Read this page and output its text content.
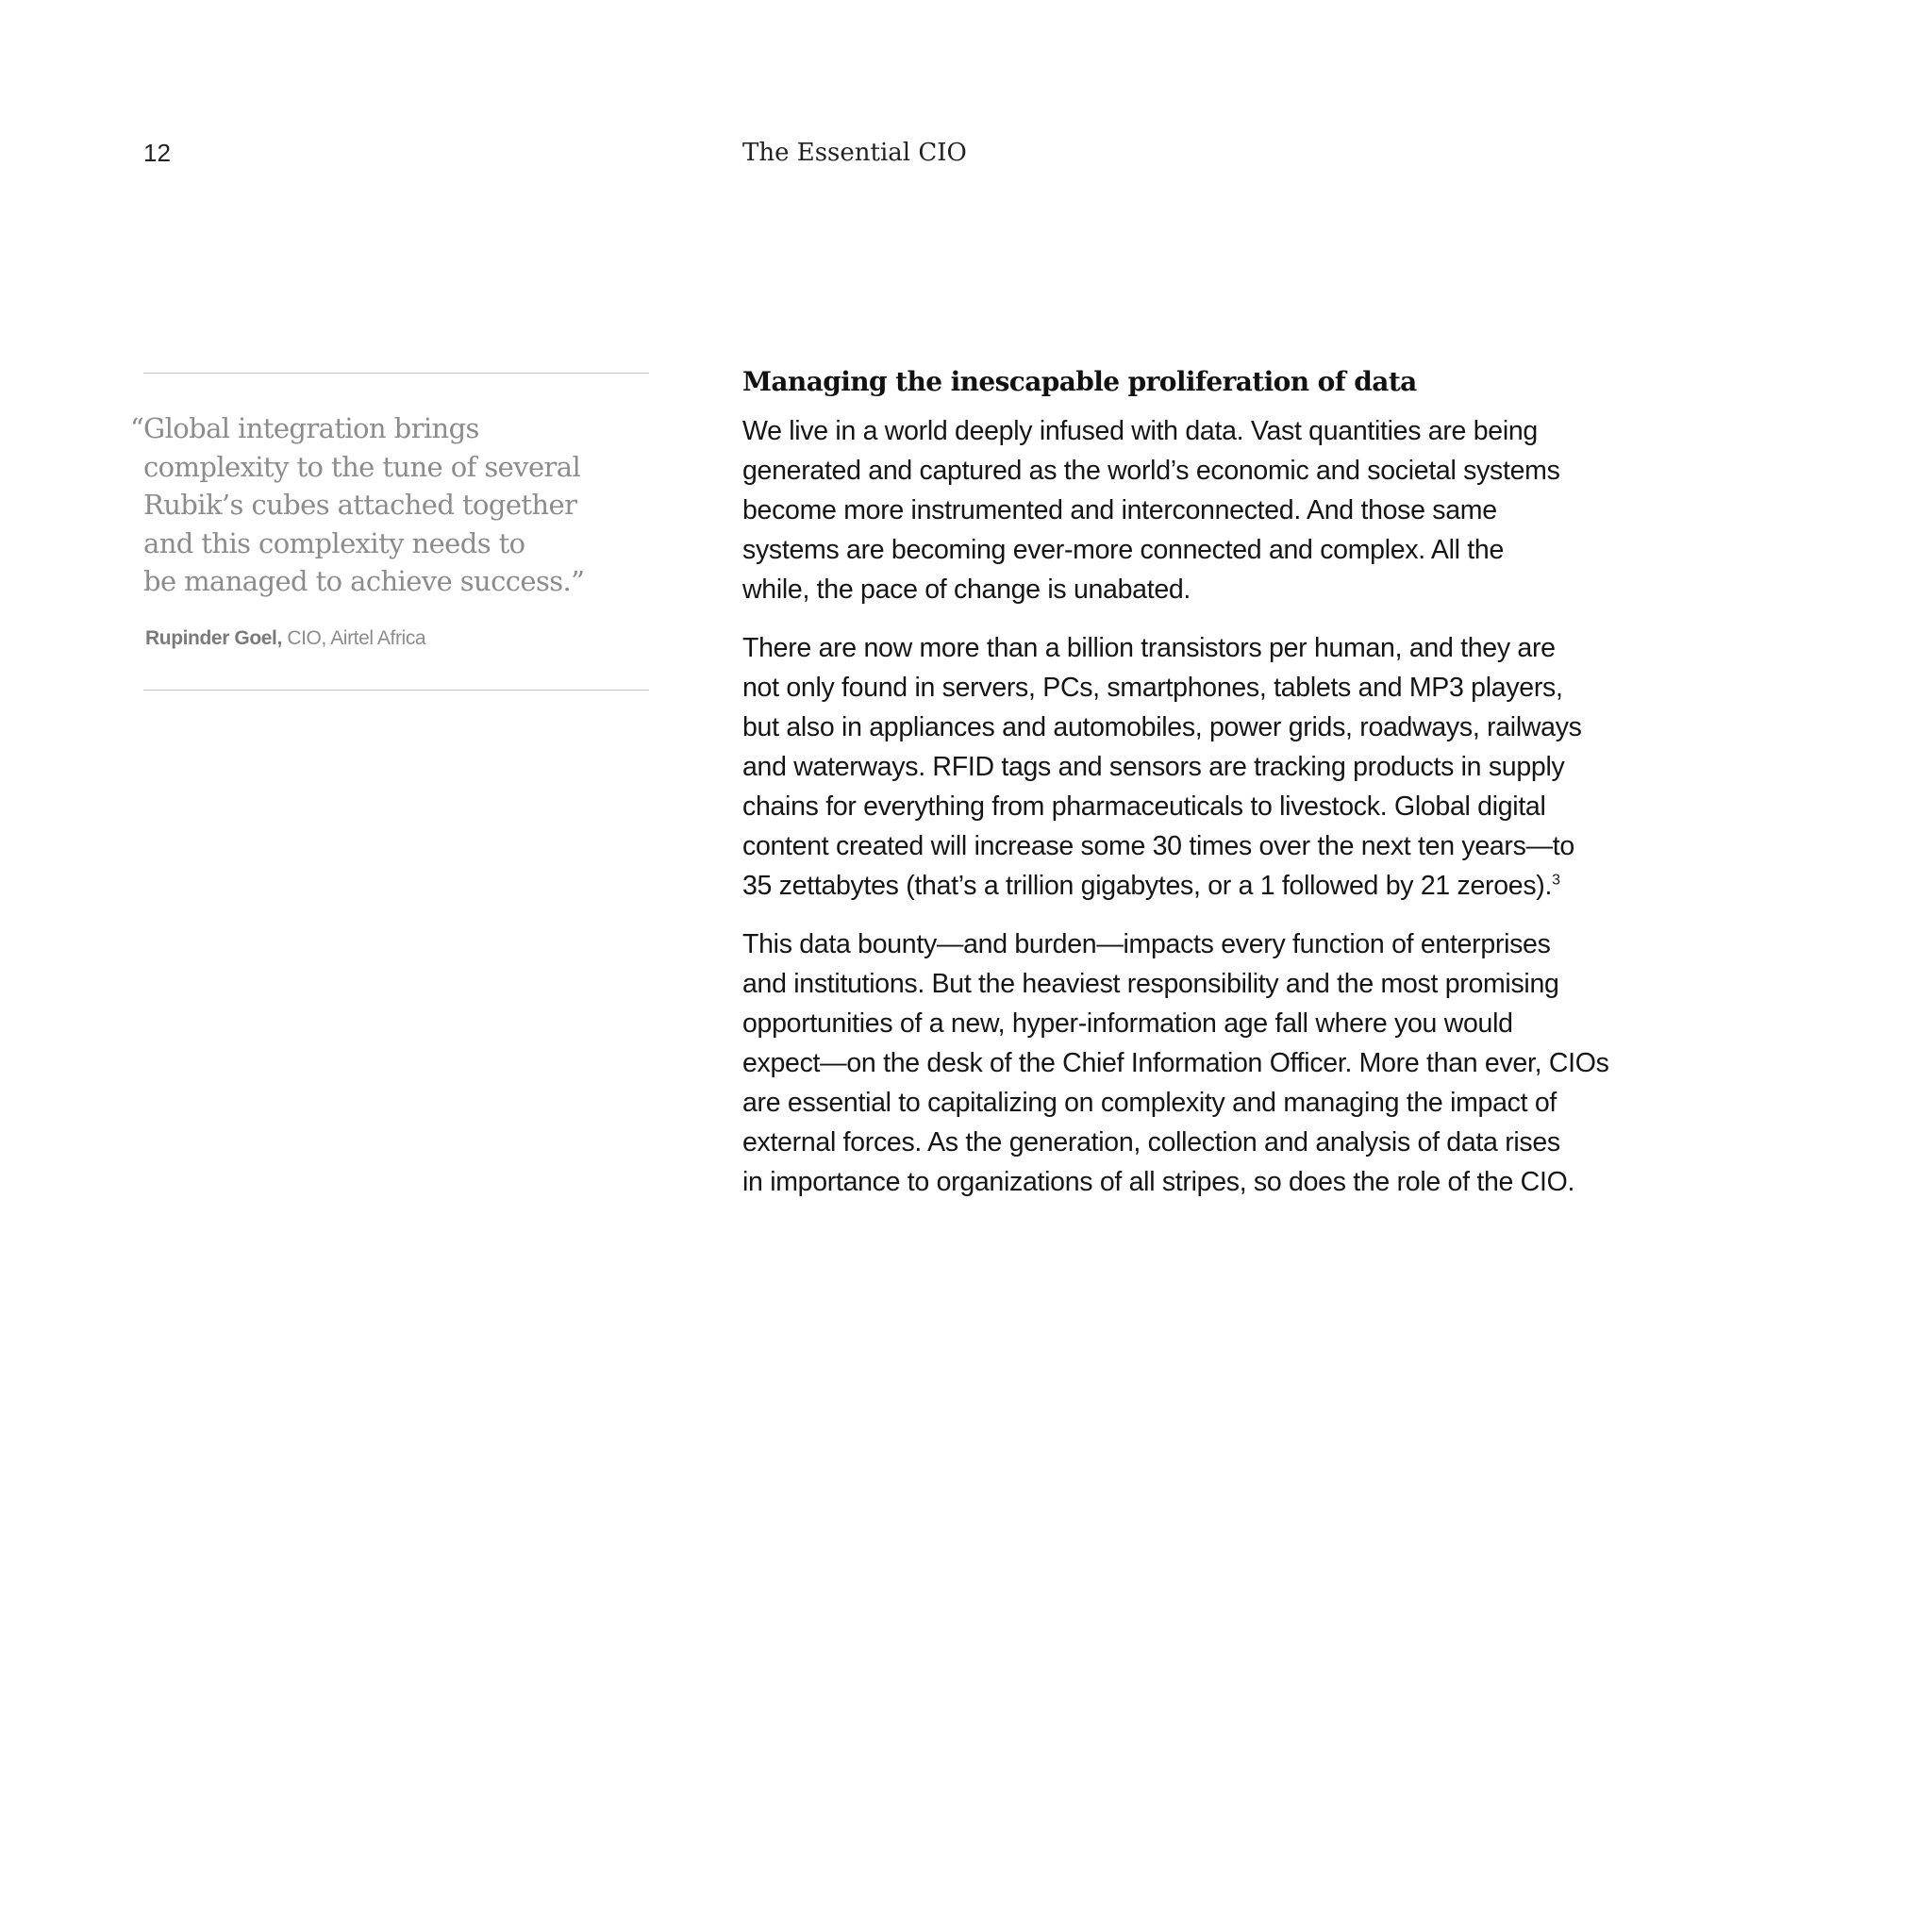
12	The Essential CIO

“ Global integration brings
complexity to the tune of several
Rubik’s cubes attached together
and this complexity needs to
be managed to achieve success.”

Rupinder Goel, CIO, Airtel Africa
Managing the inescapable proliferation of data

We live in a world deeply infused with data. Vast quantities are being
generated and captured as the world’s economic and societal systems
become more instrumented and interconnected. And those same
systems are becoming ever-more connected and complex. All the
while, the pace of change is unabated.

There are now more than a billion transistors per human, and they are
not only found in servers, PCs, smartphones, tablets and MP3 players,
but also in appliances and automobiles, power grids, roadways, railways
and waterways. RFID tags and sensors are tracking products in supply
chains for everything from pharmaceuticals to livestock. Global digital
content created will increase some 30 times over the next ten years—to
35 zettabytes (that’s a trillion gigabytes, or a 1 followed by 21 zeroes).$^3$

This data bounty—and burden—impacts every function of enterprises
and institutions. But the heaviest responsibility and the most promising
opportunities of a new, hyper-information age fall where you would
expect—on the desk of the Chief Information Officer. More than ever, CIOs
are essential to capitalizing on complexity and managing the impact of
external forces. As the generation, collection and analysis of data rises
in importance to organizations of all stripes, so does the role of the CIO.
